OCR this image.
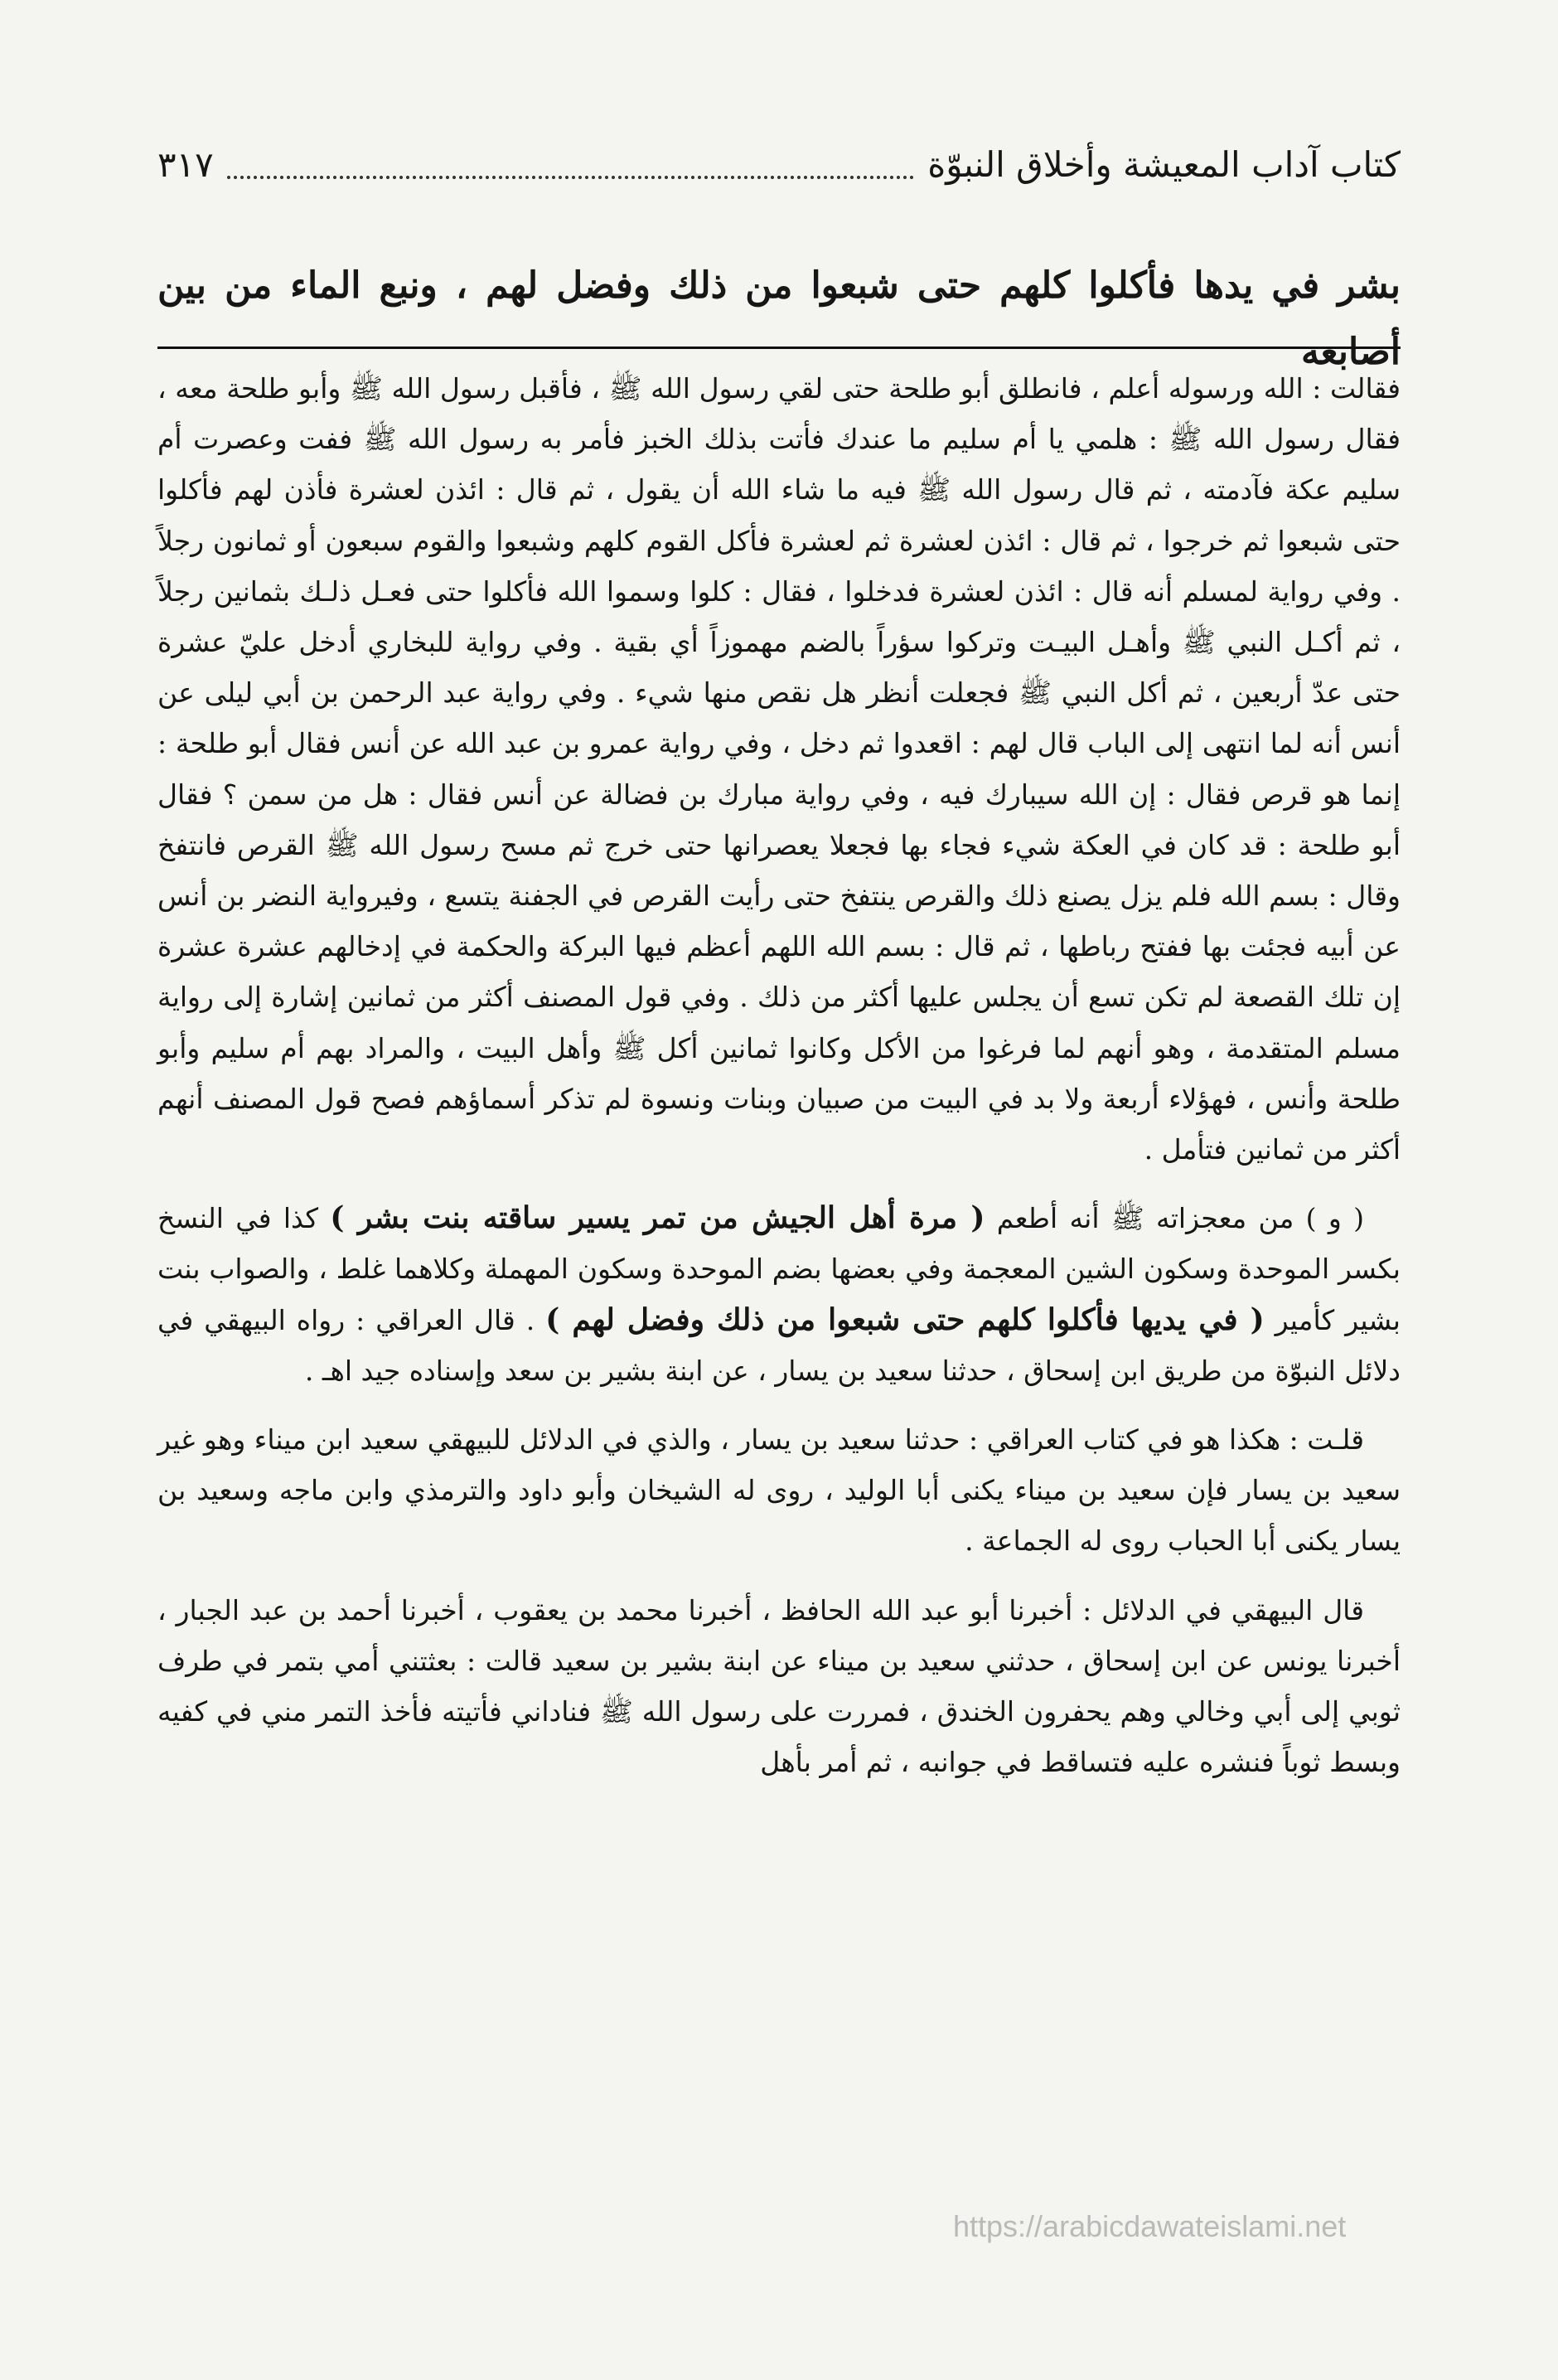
كتاب آداب المعيشة وأخلاق النبوّة
٣١٧
بشر في يدها فأكلوا كلهم حتى شبعوا من ذلك وفضل لهم ، ونبع الماء من بين أصابعه

فقالت : الله ورسوله أعلم ، فانطلق أبو طلحة حتى لقي رسول الله ﷺ ، فأقبل رسول الله ﷺ وأبو طلحة معه ، فقال رسول الله ﷺ : هلمي يا أم سليم ما عندك فأتت بذلك الخبز فأمر به رسول الله ﷺ ففت وعصرت أم سليم عكة فآدمته ، ثم قال رسول الله ﷺ فيه ما شاء الله أن يقول ، ثم قال : ائذن لعشرة فأذن لهم فأكلوا حتى شبعوا ثم خرجوا ، ثم قال : ائذن لعشرة ثم لعشرة فأكل القوم كلهم وشبعوا والقوم سبعون أو ثمانون رجلاً . وفي رواية لمسلم أنه قال : ائذن لعشرة فدخلوا ، فقال : كلوا وسموا الله فأكلوا حتى فعـل ذلـك بثمانين رجلاً ، ثم أكـل النبي ﷺ وأهـل البيـت وتركوا سؤراً بالضم مهموزاً أي بقية . وفي رواية للبخاري أدخل عليّ عشرة حتى عدّ أربعين ، ثم أكل النبي ﷺ فجعلت أنظر هل نقص منها شيء . وفي رواية عبد الرحمن بن أبي ليلى عن أنس أنه لما انتهى إلى الباب قال لهم : اقعدوا ثم دخل ، وفي رواية عمرو بن عبد الله عن أنس فقال أبو طلحة : إنما هو قرص فقال : إن الله سيبارك فيه ، وفي رواية مبارك بن فضالة عن أنس فقال : هل من سمن ؟ فقال أبو طلحة : قد كان في العكة شيء فجاء بها فجعلا يعصرانها حتى خرج ثم مسح رسول الله ﷺ القرص فانتفخ وقال : بسم الله فلم يزل يصنع ذلك والقرص ينتفخ حتى رأيت القرص في الجفنة يتسع ، وفيرواية النضر بن أنس عن أبيه فجئت بها ففتح رباطها ، ثم قال : بسم الله اللهم أعظم فيها البركة والحكمة في إدخالهم عشرة عشرة إن تلك القصعة لم تكن تسع أن يجلس عليها أكثر من ذلك . وفي قول المصنف أكثر من ثمانين إشارة إلى رواية مسلم المتقدمة ، وهو أنهم لما فرغوا من الأكل وكانوا ثمانين أكل ﷺ وأهل البيت ، والمراد بهم أم سليم وأبو طلحة وأنس ، فهؤلاء أربعة ولا بد في البيت من صبيان وبنات ونسوة لم تذكر أسماؤهم فصح قول المصنف أنهم أكثر من ثمانين فتأمل .

( و ) من معجزاته ﷺ أنه أطعم ( مرة أهل الجيش من تمر يسير ساقته بنت بشر ) كذا في النسخ بكسر الموحدة وسكون الشين المعجمة وفي بعضها بضم الموحدة وسكون المهملة وكلاهما غلط ، والصواب بنت بشير كأمير ( في يديها فأكلوا كلهم حتى شبعوا من ذلك وفضل لهم ) . قال العراقي : رواه البيهقي في دلائل النبوّة من طريق ابن إسحاق ، حدثنا سعيد بن يسار ، عن ابنة بشير بن سعد وإسناده جيد اهـ .

قلـت : هكذا هو في كتاب العراقي : حدثنا سعيد بن يسار ، والذي في الدلائل للبيهقي سعيد ابن ميناء وهو غير سعيد بن يسار فإن سعيد بن ميناء يكنى أبا الوليد ، روى له الشيخان وأبو داود والترمذي وابن ماجه وسعيد بن يسار يكنى أبا الحباب روى له الجماعة .

قال البيهقي في الدلائل : أخبرنا أبو عبد الله الحافظ ، أخبرنا محمد بن يعقوب ، أخبرنا أحمد بن عبد الجبار ، أخبرنا يونس عن ابن إسحاق ، حدثني سعيد بن ميناء عن ابنة بشير بن سعيد قالت : بعثتني أمي بتمر في طرف ثوبي إلى أبي وخالي وهم يحفرون الخندق ، فمررت على رسول الله ﷺ فناداني فأتيته فأخذ التمر مني في كفيه وبسط ثوباً فنشره عليه فتساقط في جوانبه ، ثم أمر بأهل

https://arabicdawateislami.net
